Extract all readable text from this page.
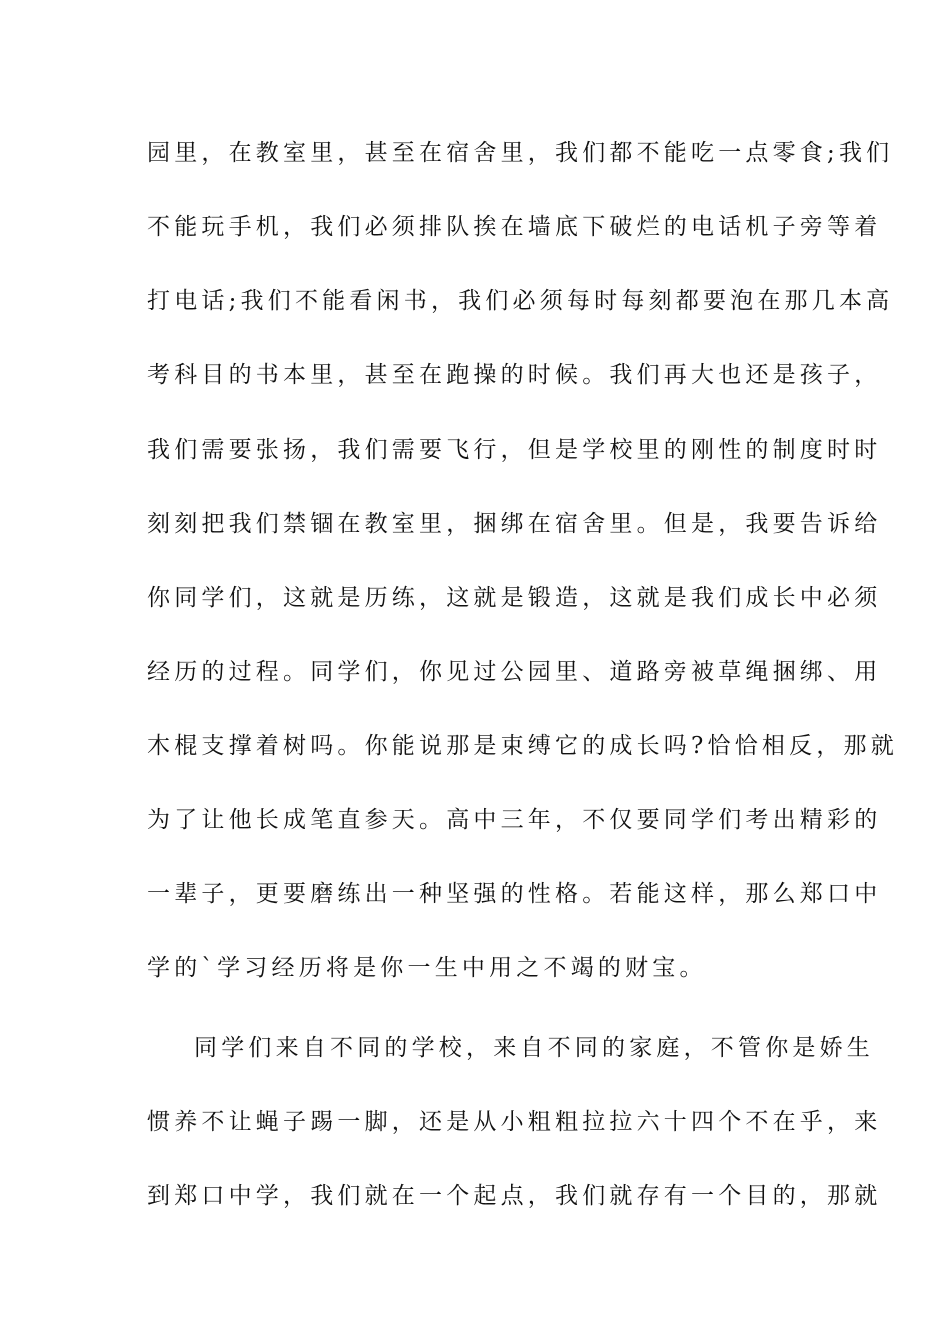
园里，在教室里，甚至在宿舍里，我们都不能吃一点零食;我们
不能玩手机，我们必须排队挨在墙底下破烂的电话机子旁等着
打电话;我们不能看闲书，我们必须每时每刻都要泡在那几本高
考科目的书本里，甚至在跑操的时候。我们再大也还是孩子，
我们需要张扬，我们需要飞行，但是学校里的刚性的制度时时
刻刻把我们禁锢在教室里，捆绑在宿舍里。但是，我要告诉给
你同学们，这就是历练，这就是锻造，这就是我们成长中必须
经历的过程。同学们，你见过公园里、道路旁被草绳捆绑、用
木棍支撑着树吗。你能说那是束缚它的成长吗?恰恰相反，那就
为了让他长成笔直参天。高中三年，不仅要同学们考出精彩的
一辈子，更要磨练出一种坚强的性格。若能这样，那么郑口中
学的`学习经历将是你一生中用之不竭的财宝。
同学们来自不同的学校，来自不同的家庭，不管你是娇生
惯养不让蝇子踢一脚，还是从小粗粗拉拉六十四个不在乎，来
到郑口中学，我们就在一个起点，我们就存有一个目的，那就
